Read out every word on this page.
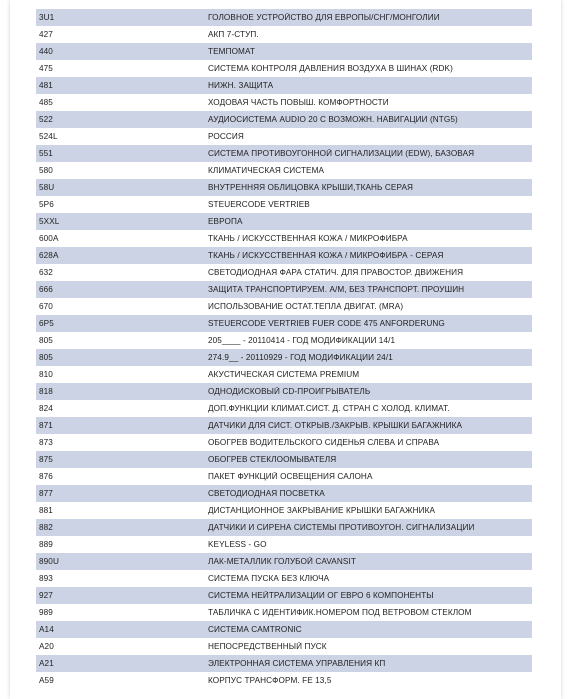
3U1	ГОЛОВНОЕ УСТРОЙСТВО ДЛЯ ЕВРОПЫ/СНГ/МОНГОЛИИ
427	АКП 7-СТУП.
440	ТЕМПОМАТ
475	СИСТЕМА КОНТРОЛЯ ДАВЛЕНИЯ ВОЗДУХА В ШИНАХ (RDK)
481	НИЖН. ЗАЩИТА
485	ХОДОВАЯ ЧАСТЬ ПОВЫШ. КОМФОРТНОСТИ
522	АУДИОСИСТЕМА AUDIO 20 С ВОЗМОЖН. НАВИГАЦИИ (NTG5)
524L	РОССИЯ
551	СИСТЕМА ПРОТИВОУГОННОЙ СИГНАЛИЗАЦИИ (EDW), БАЗОВАЯ
580	КЛИМАТИЧЕСКАЯ СИСТЕМА
58U	ВНУТРЕННЯЯ ОБЛИЦОВКА КРЫШИ,ТКАНЬ СЕРАЯ
5P6	STEUERCODE VERTRIEB
5XXL	ЕВРОПА
600A	ТКАНЬ / ИСКУССТВЕННАЯ КОЖА / МИКРОФИБРА
628A	ТКАНЬ / ИСКУССТВЕННАЯ КОЖА / МИКРОФИБРА - СЕРАЯ
632	СВЕТОДИОДНАЯ ФАРА СТАТИЧ. ДЛЯ ПРАВОСТОР. ДВИЖЕНИЯ
666	ЗАЩИТА ТРАНСПОРТИРУЕМ. А/М, БЕЗ ТРАНСПОРТ. ПРОУШИН
670	ИСПОЛЬЗОВАНИЕ ОСТАТ.ТЕПЛА ДВИГАТ. (MRA)
6P5	STEUERCODE VERTRIEB FUER CODE 475 ANFORDERUNG
805	205____ - 20110414 - ГОД МОДИФИКАЦИИ 14/1
805	274.9__ - 20110929 - ГОД МОДИФИКАЦИИ 24/1
810	АКУСТИЧЕСКАЯ СИСТЕМА PREMIUM
818	ОДНОДИСКОВЫЙ CD-ПРОИГРЫВАТЕЛЬ
824	ДОП.ФУНКЦИИ КЛИМАТ.СИСТ. Д. СТРАН С ХОЛОД. КЛИМАТ.
871	ДАТЧИКИ ДЛЯ СИСТ. ОТКРЫВ./ЗАКРЫВ. КРЫШКИ БАГАЖНИКА
873	ОБОГРЕВ ВОДИТЕЛЬСКОГО СИДЕНЬЯ СЛЕВА И СПРАВА
875	ОБОГРЕВ СТЕКЛООМЫВАТЕЛЯ
876	ПАКЕТ ФУНКЦИЙ ОСВЕЩЕНИЯ САЛОНА
877	СВЕТОДИОДНАЯ ПОСВЕТКА
881	ДИСТАНЦИОННОЕ ЗАКРЫВАНИЕ КРЫШКИ БАГАЖНИКА
882	ДАТЧИКИ И СИРЕНА СИСТЕМЫ ПРОТИВОУГОН. СИГНАЛИЗАЦИИ
889	KEYLESS - GO
890U	ЛАК-МЕТАЛЛИК ГОЛУБОЙ CAVANSIT
893	СИСТЕМА ПУСКА БЕЗ КЛЮЧА
927	СИСТЕМА НЕЙТРАЛИЗАЦИИ ОГ ЕВРО 6 КОМПОНЕНТЫ
989	ТАБЛИЧКА С ИДЕНТИФИК.НОМЕРОМ ПОД ВЕТРОВОМ СТЕКЛОМ
A14	СИСТЕМА CAMTRONIC
A20	НЕПОСРЕДСТВЕННЫЙ ПУСК
A21	ЭЛЕКТРОННАЯ СИСТЕМА УПРАВЛЕНИЯ КП
A59	КОРПУС ТРАНСФОРМ. FE 13,5
